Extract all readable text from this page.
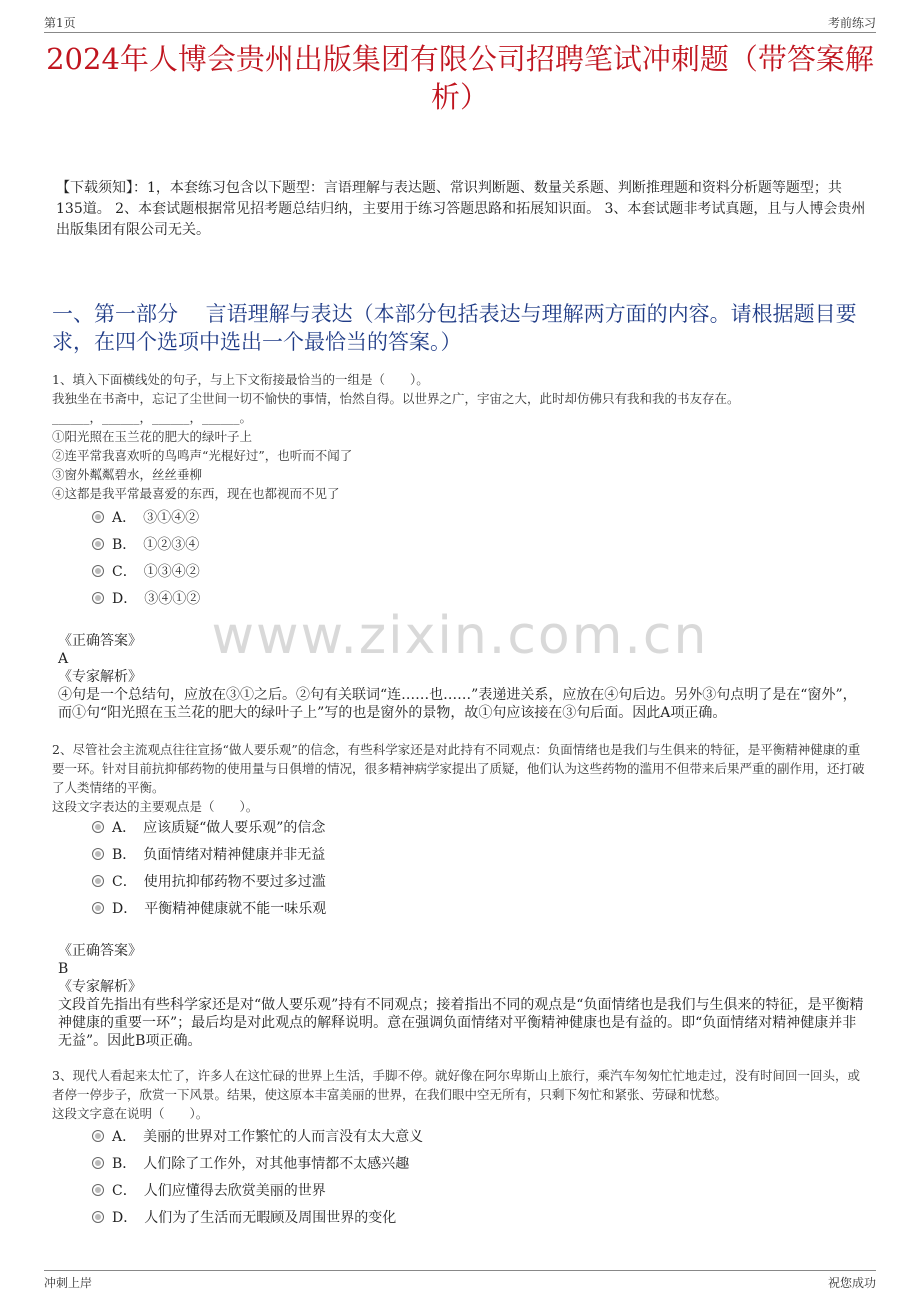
第1页	考前练习
2024年人博会贵州出版集团有限公司招聘笔试冲刺题（带答案解析）
【下载须知】：1，本套练习包含以下题型：言语理解与表达题、常识判断题、数量关系题、判断推理题和资料分析题等题型；共135道。 2、本套试题根据常见招考题总结归纳，主要用于练习答题思路和拓展知识面。 3、本套试题非考试真题，且与人博会贵州出版集团有限公司无关。
一、第一部分　 言语理解与表达（本部分包括表达与理解两方面的内容。请根据题目要求，在四个选项中选出一个最恰当的答案。）

1、填入下面横线处的句子，与上下文衔接最恰当的一组是（　　）。

我独坐在书斋中，忘记了尘世间一切不愉快的事情，怡然自得。以世界之广，宇宙之大，此时却仿佛只有我和我的书友存在。

______，______，______，______。

①阳光照在玉兰花的肥大的绿叶子上

②连平常我喜欢听的鸟鸣声“光棍好过”，也听而不闻了

③窗外粼粼碧水，丝丝垂柳

④这都是我平常最喜爱的东西，现在也都视而不见了

A．　③①④②
B．　①②③④
C．　①③④②
D．　③④①②

《正确答案》

A

《专家解析》

④句是一个总结句，应放在③①之后。②句有关联词“连……也……”表递进关系，应放在④句后边。另外③句点明了是在“窗外”，而①句“阳光照在玉兰花的肥大的绿叶子上”写的也是窗外的景物，故①句应该接在③句后面。因此A项正确。

2、尽管社会主流观点往往宣扬“做人要乐观”的信念，有些科学家还是对此持有不同观点：负面情绪也是我们与生俱来的特征，是平衡精神健康的重要一环。针对目前抗抑郁药物的使用量与日俱增的情况，很多精神病学家提出了质疑，他们认为这些药物的滥用不但带来后果严重的副作用，还打破了人类情绪的平衡。

这段文字表达的主要观点是（　　）。

A．　应该质疑“做人要乐观”的信念
B．　负面情绪对精神健康并非无益
C．　使用抗抑郁药物不要过多过滥
D．　平衡精神健康就不能一味乐观

《正确答案》

B

《专家解析》

文段首先指出有些科学家还是对“做人要乐观”持有不同观点；接着指出不同的观点是“负面情绪也是我们与生俱来的特征，是平衡精神健康的重要一环”；最后均是对此观点的解释说明。意在强调负面情绪对平衡精神健康也是有益的。即“负面情绪对精神健康并非无益”。因此B项正确。

3、现代人看起来太忙了，许多人在这忙碌的世界上生活，手脚不停。就好像在阿尔卑斯山上旅行，乘汽车匆匆忙忙地走过，没有时间回一回头，或者停一停步子，欣赏一下风景。结果，使这原本丰富美丽的世界，在我们眼中空无所有，只剩下匆忙和紧张、劳碌和忧愁。

这段文字意在说明（　　）。

A．　美丽的世界对工作繁忙的人而言没有太大意义
B．　人们除了工作外，对其他事情都不太感兴趣
C．　人们应懂得去欣赏美丽的世界
D．　人们为了生活而无暇顾及周围世界的变化
www.zixin.com.cn
冲刺上岸	祝您成功
